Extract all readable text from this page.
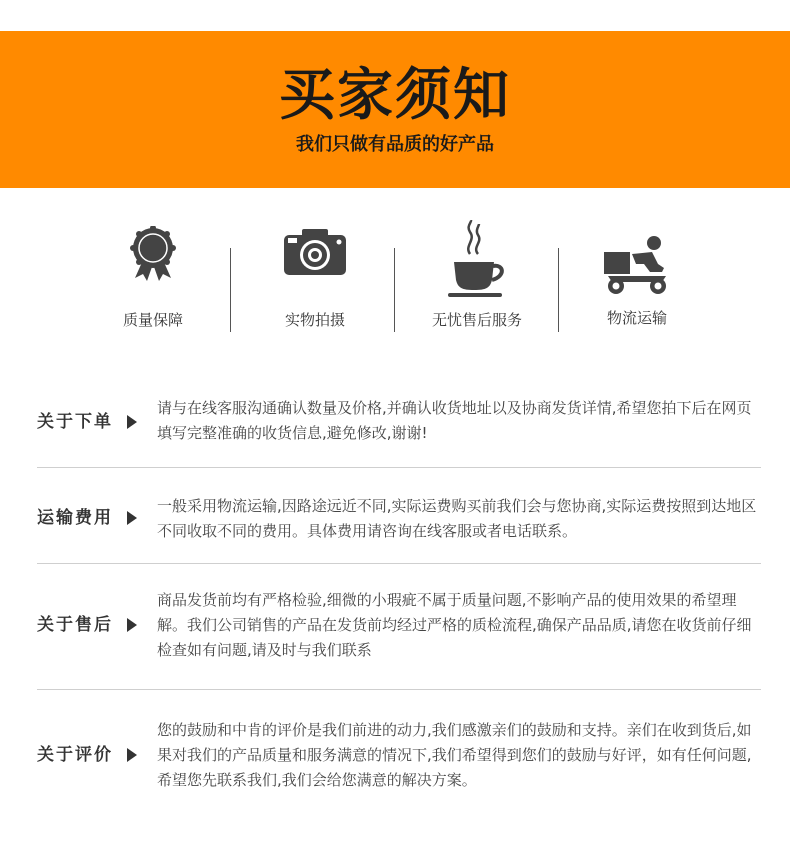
买家须知
我们只做有品质的好产品
质量保障	实物拍摄	无忧售后服务	物流运输
关于下单
请与在线客服沟通确认数量及价格,并确认收货地址以及协商发货详情,希望您拍下后在网页填写完整准确的收货信息,避免修改,谢谢!
运输费用
一般采用物流运输,因路途远近不同,实际运费购买前我们会与您协商,实际运费按照到达地区不同收取不同的费用。具体费用请咨询在线客服或者电话联系。
关于售后
商品发货前均有严格检验,细微的小瑕疵不属于质量问题,不影响产品的使用效果的希望理解。我们公司销售的产品在发货前均经过严格的质检流程,确保产品品质,请您在收货前仔细检查如有问题,请及时与我们联系
关于评价
您的鼓励和中肯的评价是我们前进的动力,我们感激亲们的鼓励和支持。亲们在收到货后,如果对我们的产品质量和服务满意的情况下,我们希望得到您们的鼓励与好评，如有任何问题,希望您先联系我们,我们会给您满意的解决方案。
